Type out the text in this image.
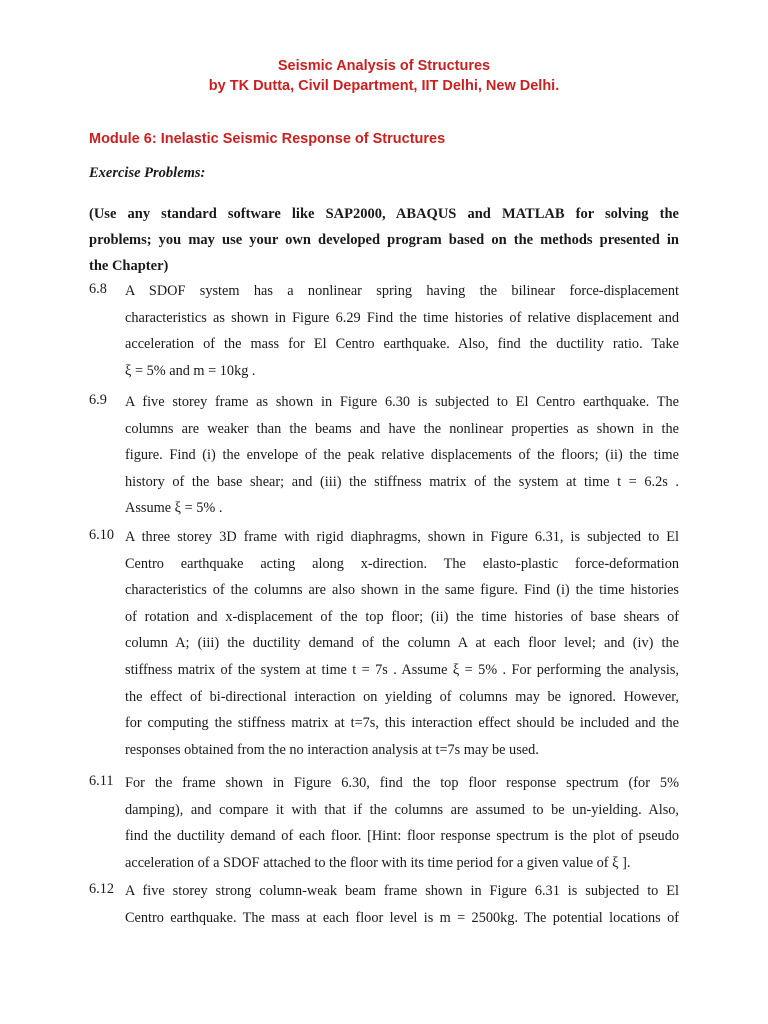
Seismic Analysis of Structures
by TK Dutta, Civil Department, IIT Delhi, New Delhi.
Module 6: Inelastic Seismic Response of Structures
Exercise Problems:
(Use any standard software like SAP2000, ABAQUS and MATLAB for solving the
problems; you may use your own developed program based on the methods presented in
the Chapter)
6.8	A SDOF system has a nonlinear spring having the bilinear force-displacement
characteristics as shown in Figure 6.29 Find the time histories of relative displacement and
acceleration of the mass for El Centro earthquake. Also, find the ductility ratio. Take
ξ = 5% and m = 10kg .
6.9	A five storey frame as shown in Figure 6.30 is subjected to El Centro earthquake. The
columns are weaker than the beams and have the nonlinear properties as shown in the
figure. Find (i) the envelope of the peak relative displacements of the floors; (ii) the time
history of the base shear; and (iii) the stiffness matrix of the system at time t = 6.2s .
Assume ξ = 5% .
6.10 A three storey 3D frame with rigid diaphragms, shown in Figure 6.31, is subjected to El
Centro earthquake acting along x-direction. The elasto-plastic force-deformation
characteristics of the columns are also shown in the same figure. Find (i) the time histories
of rotation and x-displacement of the top floor; (ii) the time histories of base shears of
column A; (iii) the ductility demand of the column A at each floor level; and (iv) the
stiffness matrix of the system at time t = 7s . Assume ξ = 5% . For performing the analysis,
the effect of bi-directional interaction on yielding of columns may be ignored. However,
for computing the stiffness matrix at t=7s, this interaction effect should be included and the
responses obtained from the no interaction analysis at t=7s may be used.
6.11 For the frame shown in Figure 6.30, find the top floor response spectrum (for 5%
damping), and compare it with that if the columns are assumed to be un-yielding. Also,
find the ductility demand of each floor. [Hint: floor response spectrum is the plot of pseudo
acceleration of a SDOF attached to the floor with its time period for a given value of ξ ].
6.12 A five storey strong column-weak beam frame shown in Figure 6.31 is subjected to El
Centro earthquake. The mass at each floor level is m = 2500kg. The potential locations of
